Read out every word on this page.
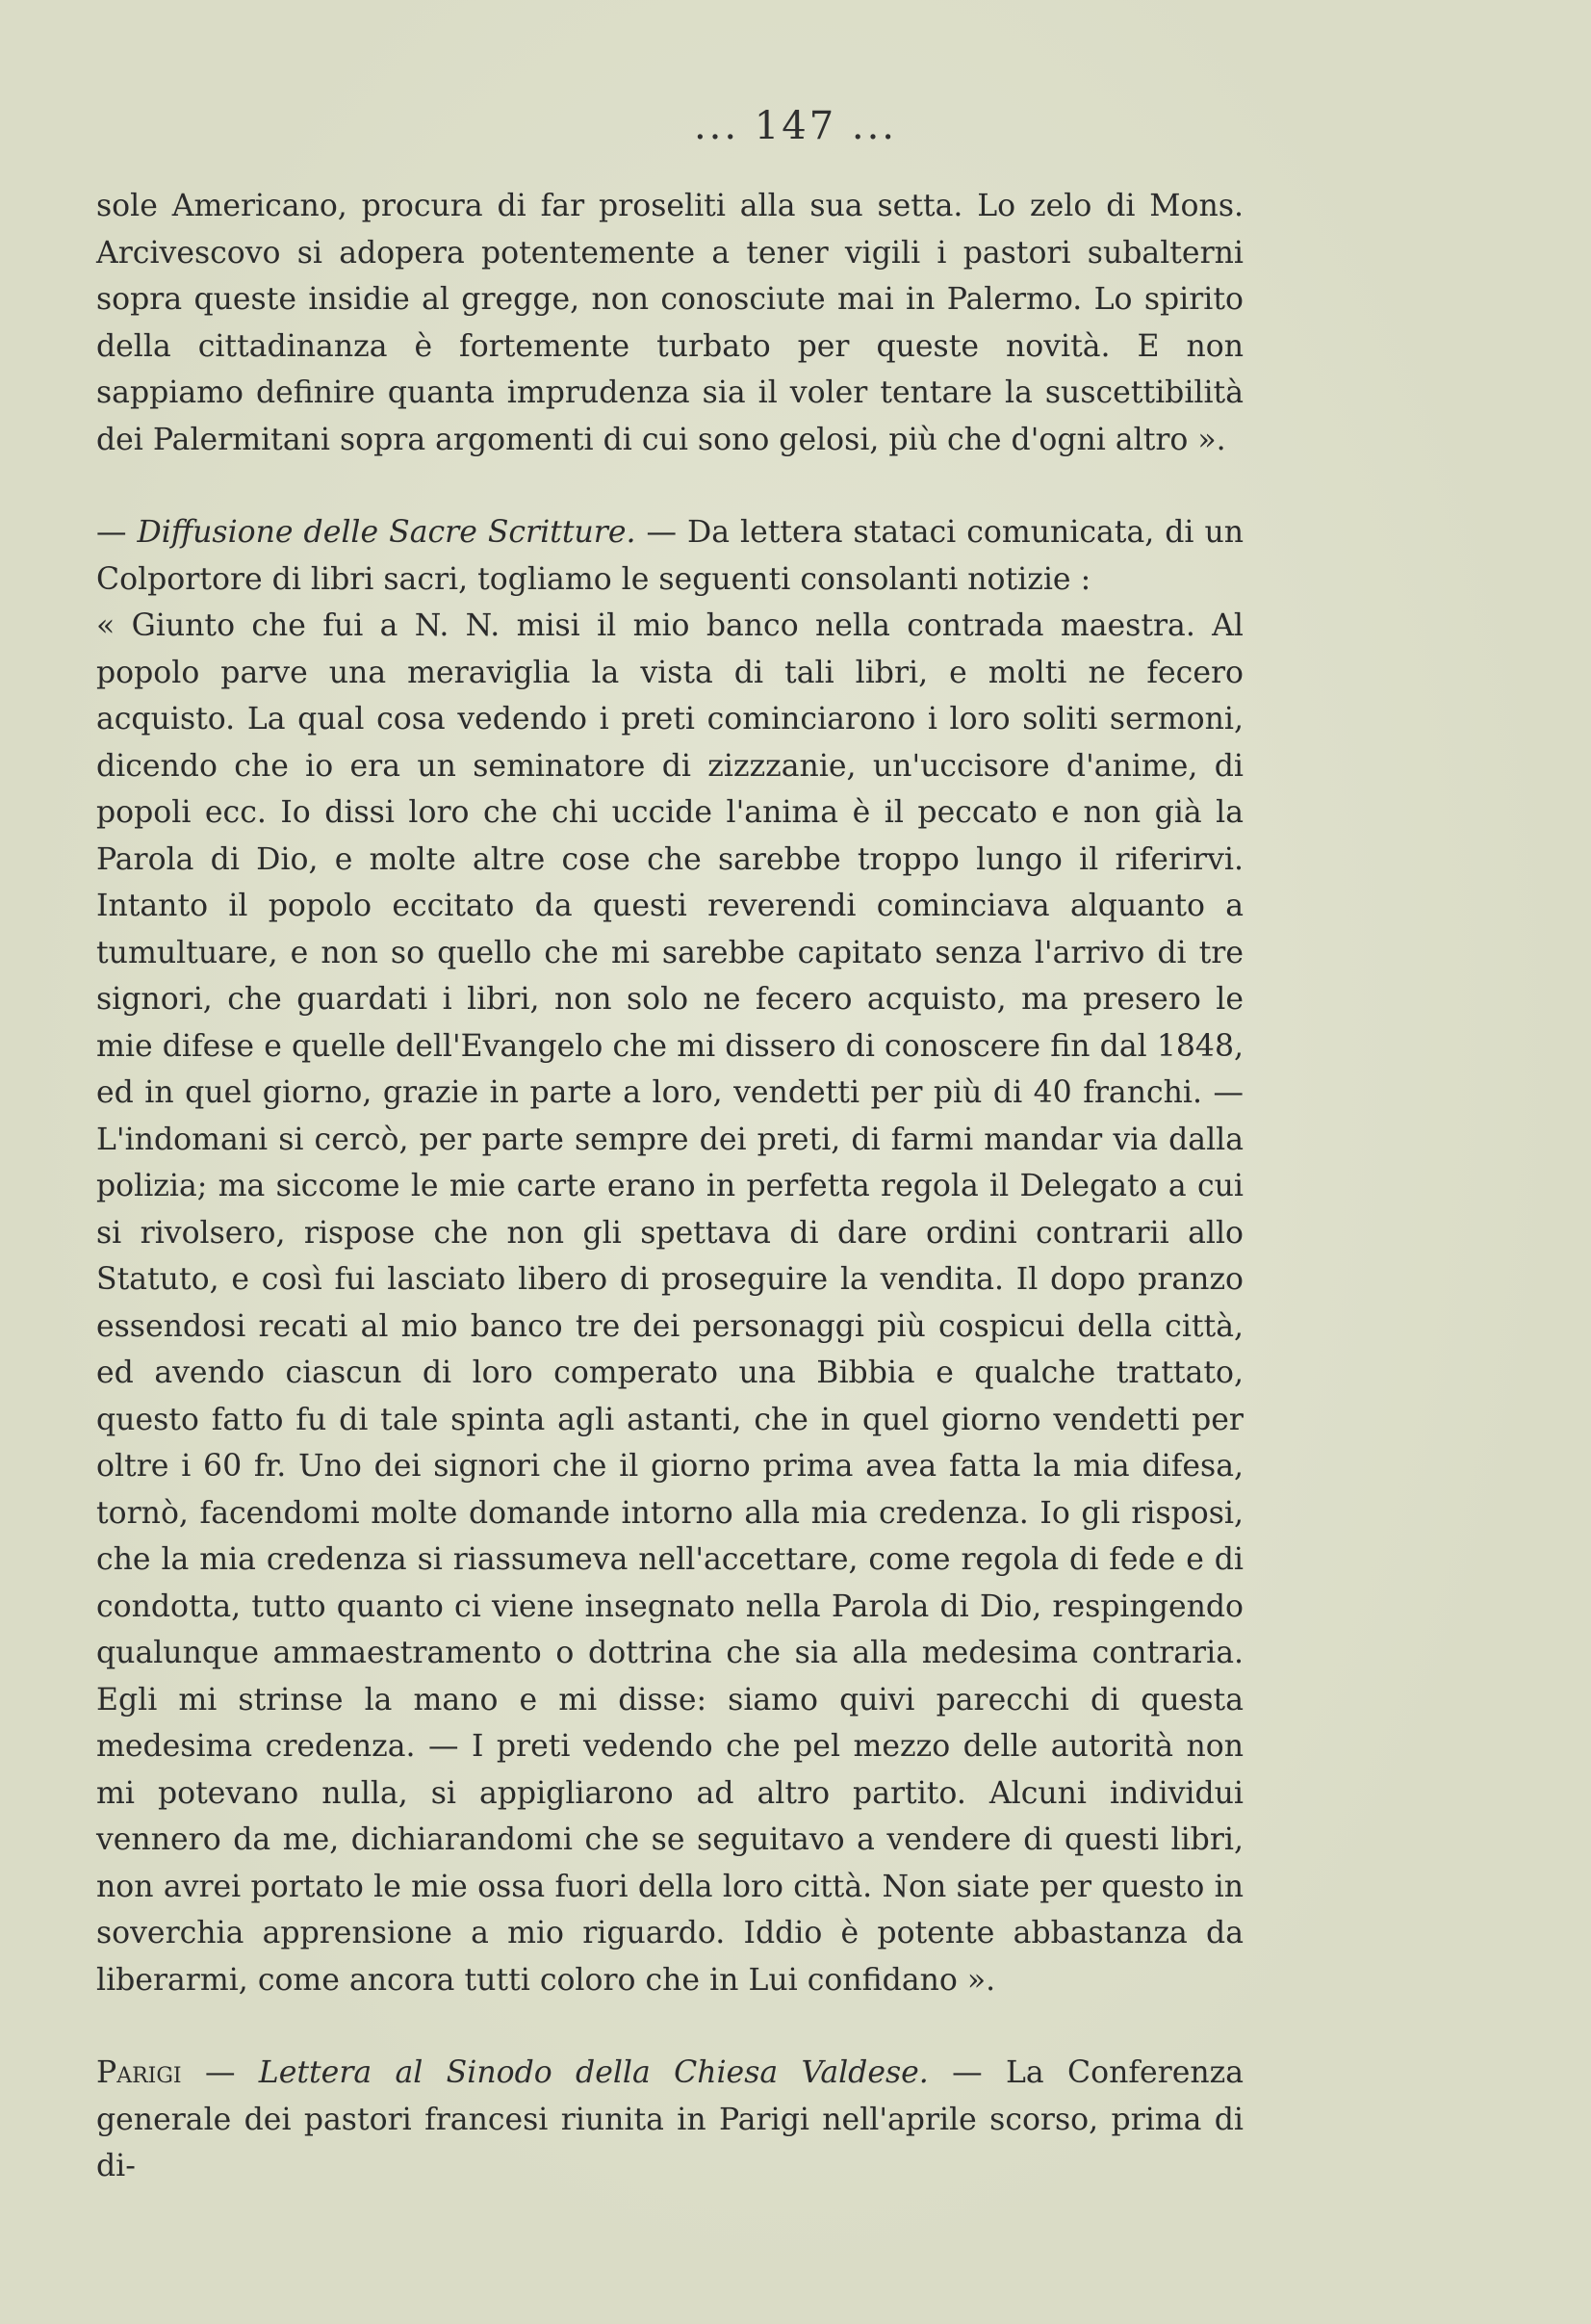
... 147 ...

sole Americano, procura di far proseliti alla sua setta. Lo zelo di Mons. Arcivescovo si adopera potentemente a tener vigili i pastori subalterni sopra queste insidie al gregge, non conosciute mai in Palermo. Lo spirito della cittadinanza è fortemente turbato per queste novità. E non sappiamo definire quanta imprudenza sia il voler tentare la suscettibilità dei Palermitani sopra argomenti di cui sono gelosi, più che d'ogni altro ».

— Diffusione delle Sacre Scritture. — Da lettera stataci comunicata, di un Colportore di libri sacri, togliamo le seguenti consolanti notizie :

« Giunto che fui a N. N. misi il mio banco nella contrada maestra. Al popolo parve una meraviglia la vista di tali libri, e molti ne fecero acquisto. La qual cosa vedendo i preti cominciarono i loro soliti sermoni, dicendo che io era un seminatore di zizzzanie, un'uccisore d'anime, di popoli ecc. Io dissi loro che chi uccide l'anima è il peccato e non già la Parola di Dio, e molte altre cose che sarebbe troppo lungo il riferirvi. Intanto il popolo eccitato da questi reverendi cominciava alquanto a tumultuare, e non so quello che mi sarebbe capitato senza l'arrivo di tre signori, che guardati i libri, non solo ne fecero acquisto, ma presero le mie difese e quelle dell'Evangelo che mi dissero di conoscere fin dal 1848, ed in quel giorno, grazie in parte a loro, vendetti per più di 40 franchi. — L'indomani si cercò, per parte sempre dei preti, di farmi mandar via dalla polizia; ma siccome le mie carte erano in perfetta regola il Delegato a cui si rivolsero, rispose che non gli spettava di dare ordini contrarii allo Statuto, e così fui lasciato libero di proseguire la vendita. Il dopo pranzo essendosi recati al mio banco tre dei personaggi più cospicui della città, ed avendo ciascun di loro comperato una Bibbia e qualche trattato, questo fatto fu di tale spinta agli astanti, che in quel giorno vendetti per oltre i 60 fr. Uno dei signori che il giorno prima avea fatta la mia difesa, tornò, facendomi molte domande intorno alla mia credenza. Io gli risposi, che la mia credenza si riassumeva nell'accettare, come regola di fede e di condotta, tutto quanto ci viene insegnato nella Parola di Dio, respingendo qualunque ammaestramento o dottrina che sia alla medesima contraria. Egli mi strinse la mano e mi disse: siamo quivi parecchi di questa medesima credenza. — I preti vedendo che pel mezzo delle autorità non mi potevano nulla, si appigliarono ad altro partito. Alcuni individui vennero da me, dichiarandomi che se seguitavo a vendere di questi libri, non avrei portato le mie ossa fuori della loro città. Non siate per questo in soverchia apprensione a mio riguardo. Iddio è potente abbastanza da liberarmi, come ancora tutti coloro che in Lui confidano ».

Parigi — Lettera al Sinodo della Chiesa Valdese. — La Conferenza generale dei pastori francesi riunita in Parigi nell'aprile scorso, prima di di-
